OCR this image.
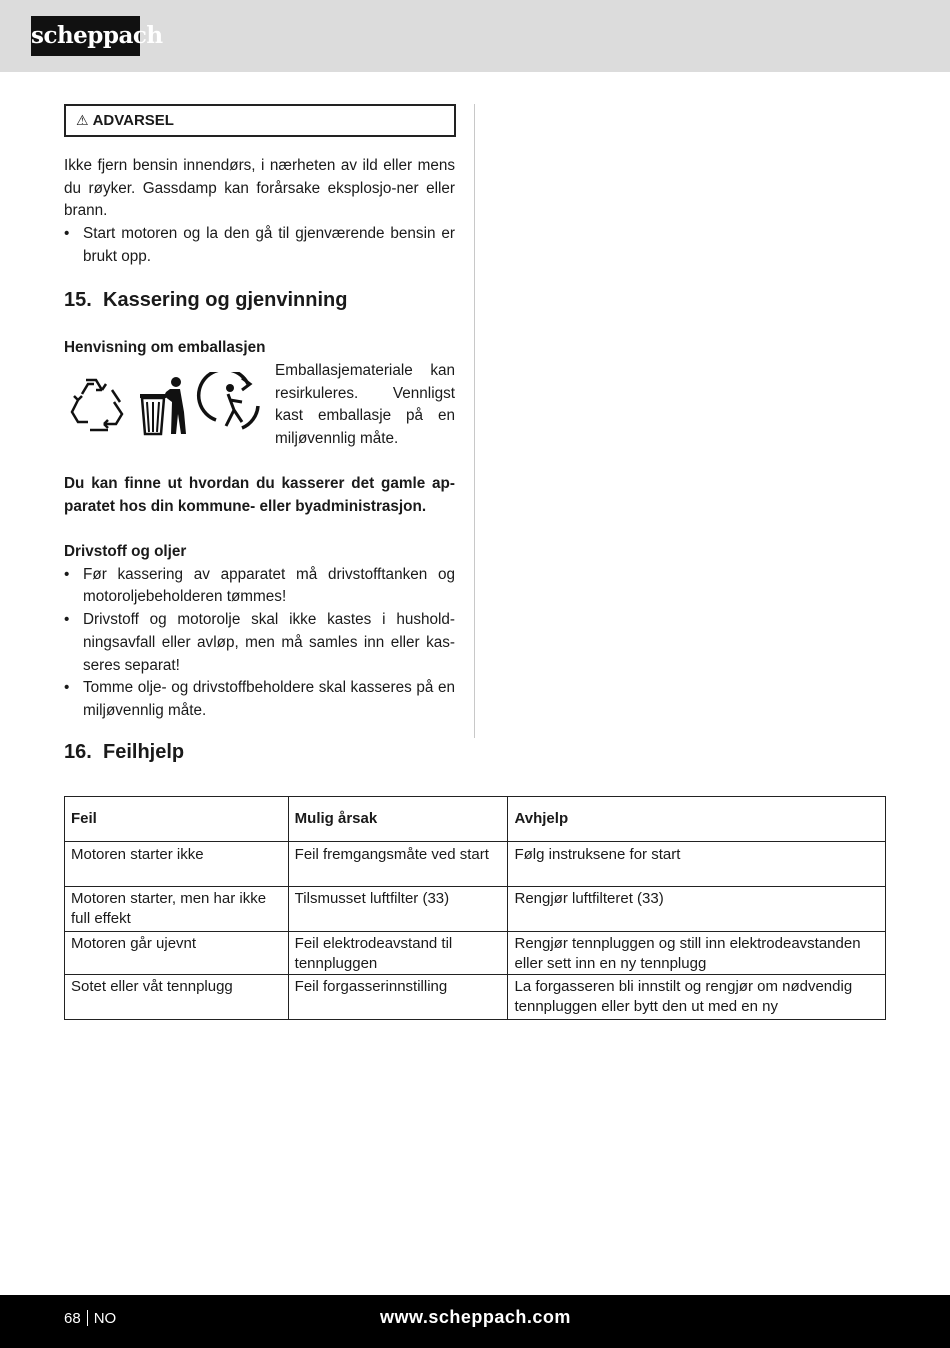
scheppach
⚠ ADVARSEL
Ikke fjern bensin innendørs, i nærheten av ild eller mens du røyker. Gassdamp kan forårsake eksplosjo-ner eller brann.
• Start motoren og la den gå til gjenværende bensin er brukt opp.
15. Kassering og gjenvinning
Henvisning om emballasjen
Emballasjemateriale kan resirkuleres. Vennligst kast emballasje på en miljøvennlig måte.
Du kan finne ut hvordan du kasserer det gamle ap-paratet hos din kommune- eller byadministrasjon.
Drivstoff og oljer
• Før kassering av apparatet må drivstofftanken og motoroljebeholderen tømmes!
• Drivstoff og motorolje skal ikke kastes i hushold-ningsavfall eller avløp, men må samles inn eller kas-seres separat!
• Tomme olje- og drivstoffbeholdere skal kasseres på en miljøvennlig måte.
16. Feilhjelp
Feil	Mulig årsak	Avhjelp
Motoren starter ikke	Feil fremgangsmåte ved start	Følg instruksene for start
Motoren starter, men har ikke full effekt	Tilsmusset luftfilter (33)	Rengjør luftfilteret (33)
Motoren går ujevnt	Feil elektrodeavstand til tennpluggen	Rengjør tennpluggen og still inn elektrodeavstanden eller sett inn en ny tennplugg
Sotet eller våt tennplugg	Feil forgasserinnstilling	La forgasseren bli innstilt og rengjør om nødvendig tennpluggen eller bytt den ut med en ny
68 NO	www.scheppach.com
